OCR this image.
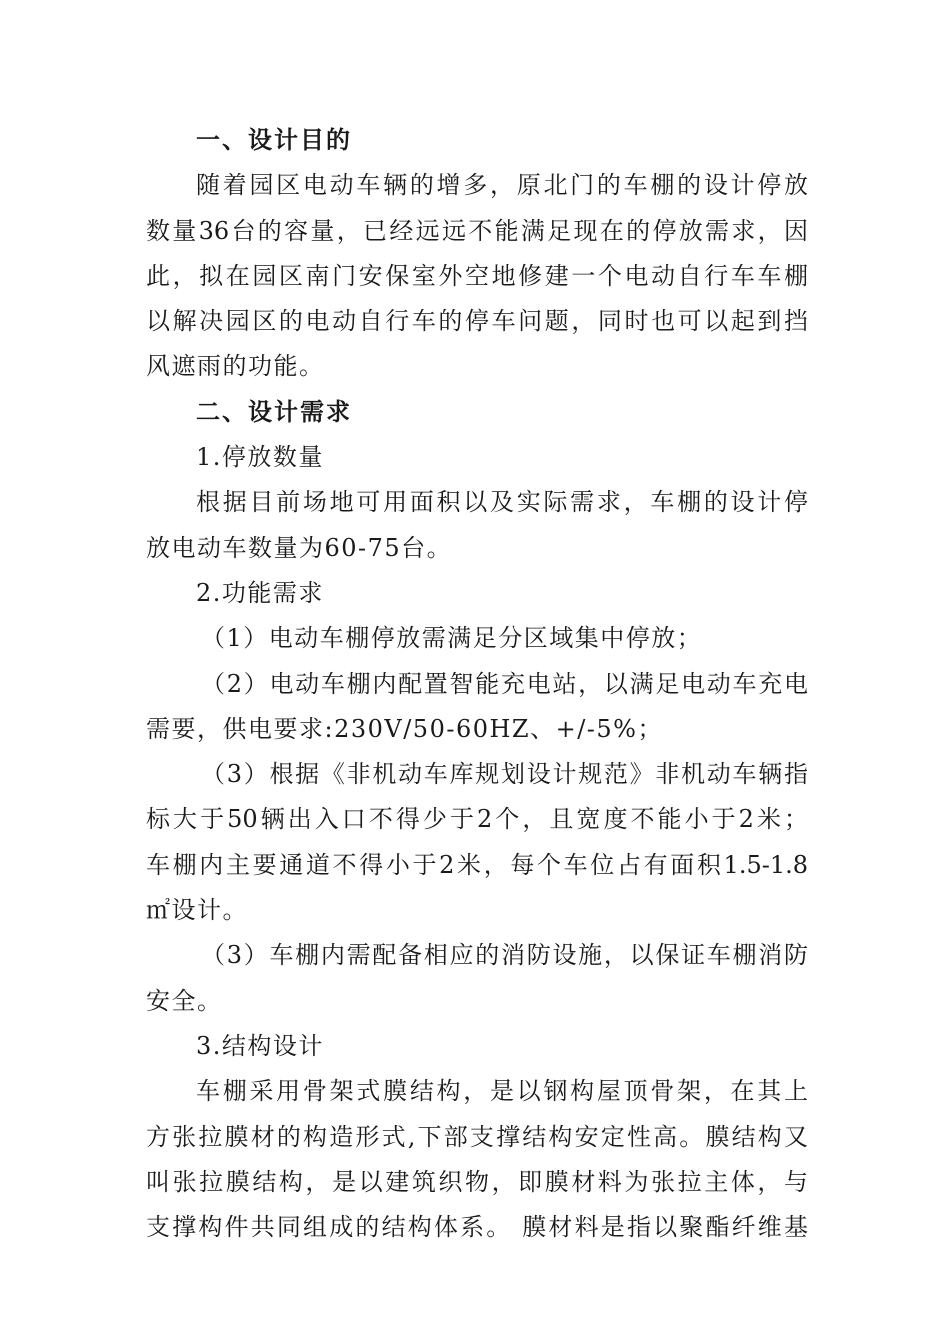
一、设计目的
随着园区电动车辆的增多，原北门的车棚的设计停放
数量36台的容量，已经远远不能满足现在的停放需求，因
此，拟在园区南门安保室外空地修建一个电动自行车车棚
以解决园区的电动自行车的停车问题，同时也可以起到挡
风遮雨的功能。
二、设计需求
1.停放数量
根据目前场地可用面积以及实际需求，车棚的设计停
放电动车数量为60-75台。
2.功能需求
（1）电动车棚停放需满足分区域集中停放；
（2）电动车棚内配置智能充电站，以满足电动车充电
需要，供电要求:230V/50-60HZ、+/-5%；
（3）根据《非机动车库规划设计规范》非机动车辆指
标大于50辆出入口不得少于2个，且宽度不能小于2米；
车棚内主要通道不得小于2米，每个车位占有面积1.5-1.8
㎡设计。
（3）车棚内需配备相应的消防设施，以保证车棚消防
安全。
3.结构设计
车棚采用骨架式膜结构，是以钢构屋顶骨架，在其上
方张拉膜材的构造形式,下部支撑结构安定性高。膜结构又
叫张拉膜结构，是以建筑织物，即膜材料为张拉主体，与
支撑构件共同组成的结构体系。 膜材料是指以聚酯纤维基
